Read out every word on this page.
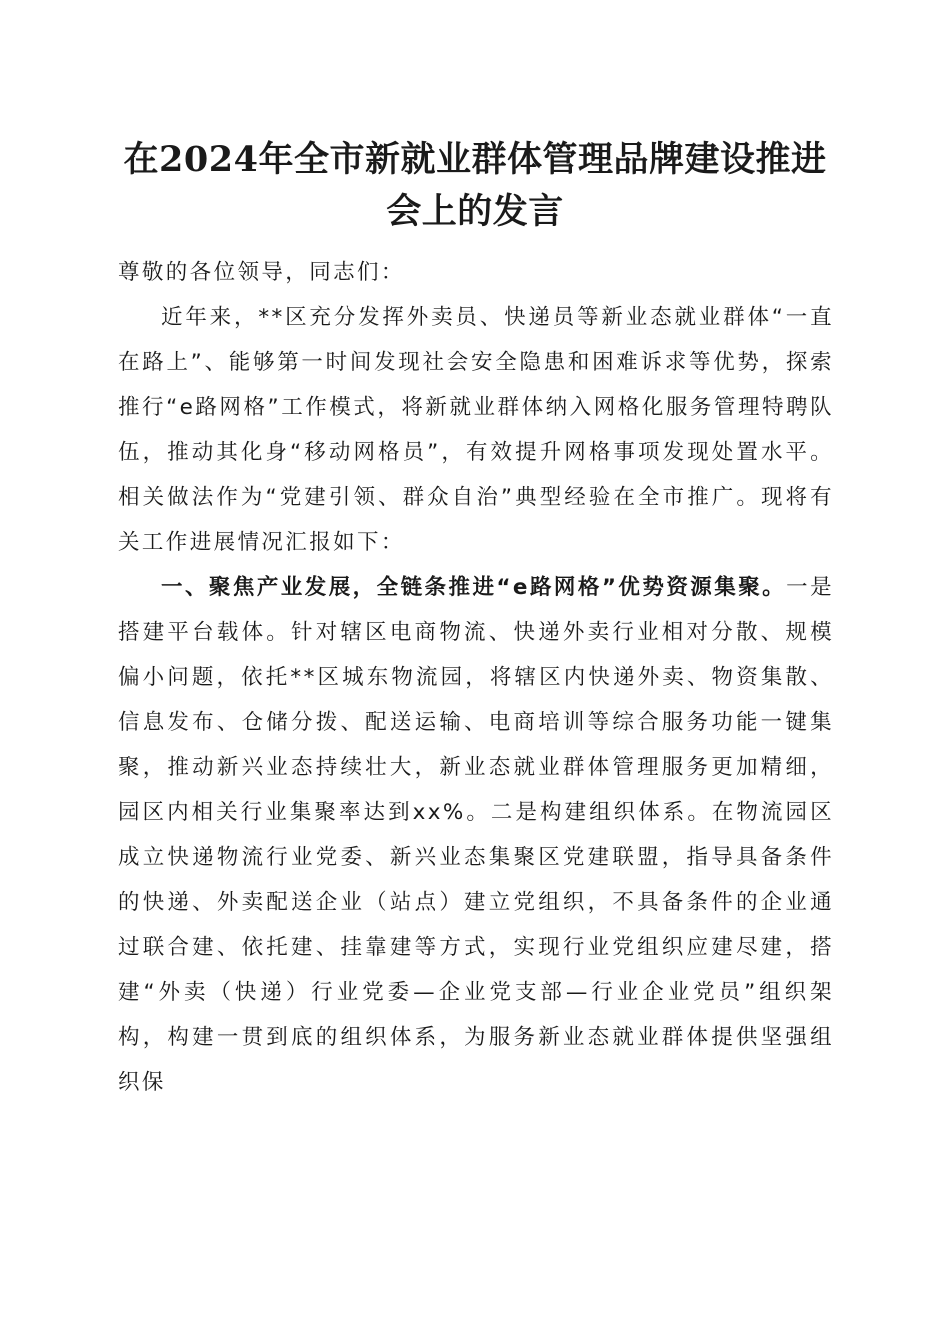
在2024年全市新就业群体管理品牌建设推进
会上的发言

尊敬的各位领导，同志们：

近年来，**区充分发挥外卖员、快递员等新业态就业群体“一直在路上”、能够第一时间发现社会安全隐患和困难诉求等优势，探索推行“e路网格”工作模式，将新就业群体纳入网格化服务管理特聘队伍，推动其化身“移动网格员”，有效提升网格事项发现处置水平。相关做法作为“党建引领、群众自治”典型经验在全市推广。现将有关工作进展情况汇报如下：

一、聚焦产业发展，全链条推进“e路网格”优势资源集聚。一是搭建平台载体。针对辖区电商物流、快递外卖行业相对分散、规模偏小问题，依托**区城东物流园，将辖区内快递外卖、物资集散、信息发布、仓储分拨、配送运输、电商培训等综合服务功能一键集聚，推动新兴业态持续壮大，新业态就业群体管理服务更加精细，园区内相关行业集聚率达到xx%。二是构建组织体系。在物流园区成立快递物流行业党委、新兴业态集聚区党建联盟，指导具备条件的快递、外卖配送企业（站点）建立党组织，不具备条件的企业通过联合建、依托建、挂靠建等方式，实现行业党组织应建尽建，搭建“外卖（快递）行业党委—企业党支部—行业企业党员”组织架构，构建一贯到底的组织体系，为服务新业态就业群体提供坚强组织保
